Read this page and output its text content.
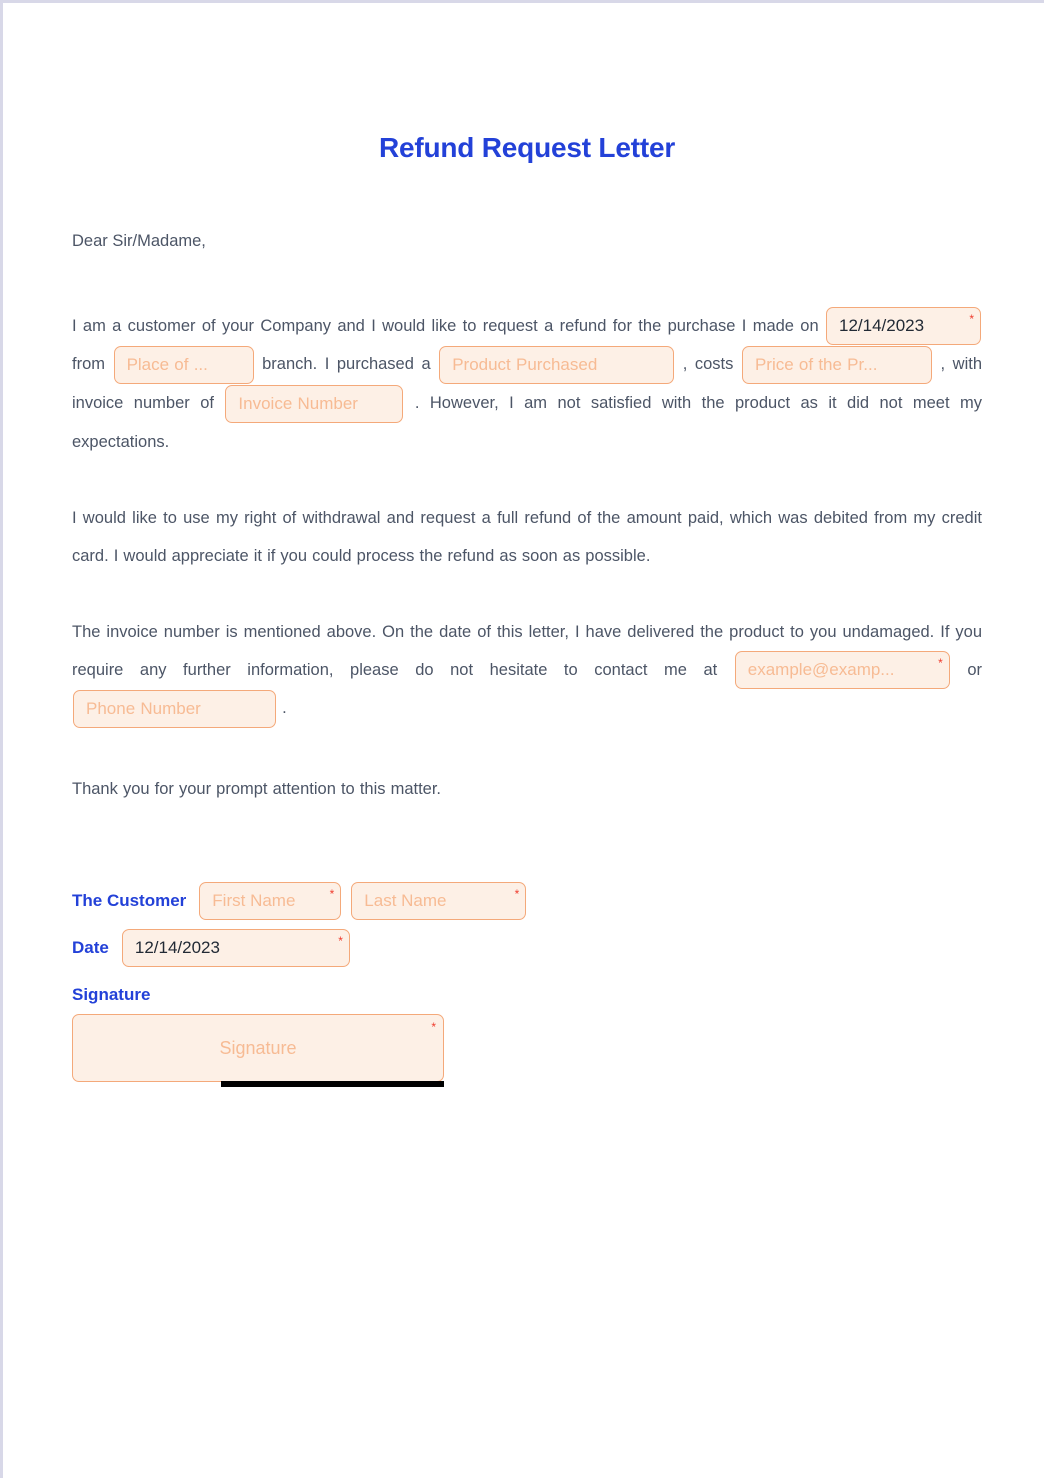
Refund Request Letter

Dear Sir/Madame,

I am a customer of your Company and I would like to request a refund for the purchase I made on 12/14/2023	*
from Place of ...	branch. I purchased a Product Purchased	, costs Price of the Pr...	, with invoice number of Invoice Number	. However, I am not satisfied with the product as it did not meet my expectations.

I would like to use my right of withdrawal and request a full refund of the amount paid, which was debited from my credit card. I would appreciate it if you could process the refund as soon as possible.

The invoice number is mentioned above. On the date of this letter, I have delivered the product to you undamaged. If you require any further information, please do not hesitate to contact me at example@examp...	* or Phone Number	.

Thank you for your prompt attention to this matter.

The Customer	First Name	*	Last Name	*
Date	12/14/2023	*
Signature
Signature
*
